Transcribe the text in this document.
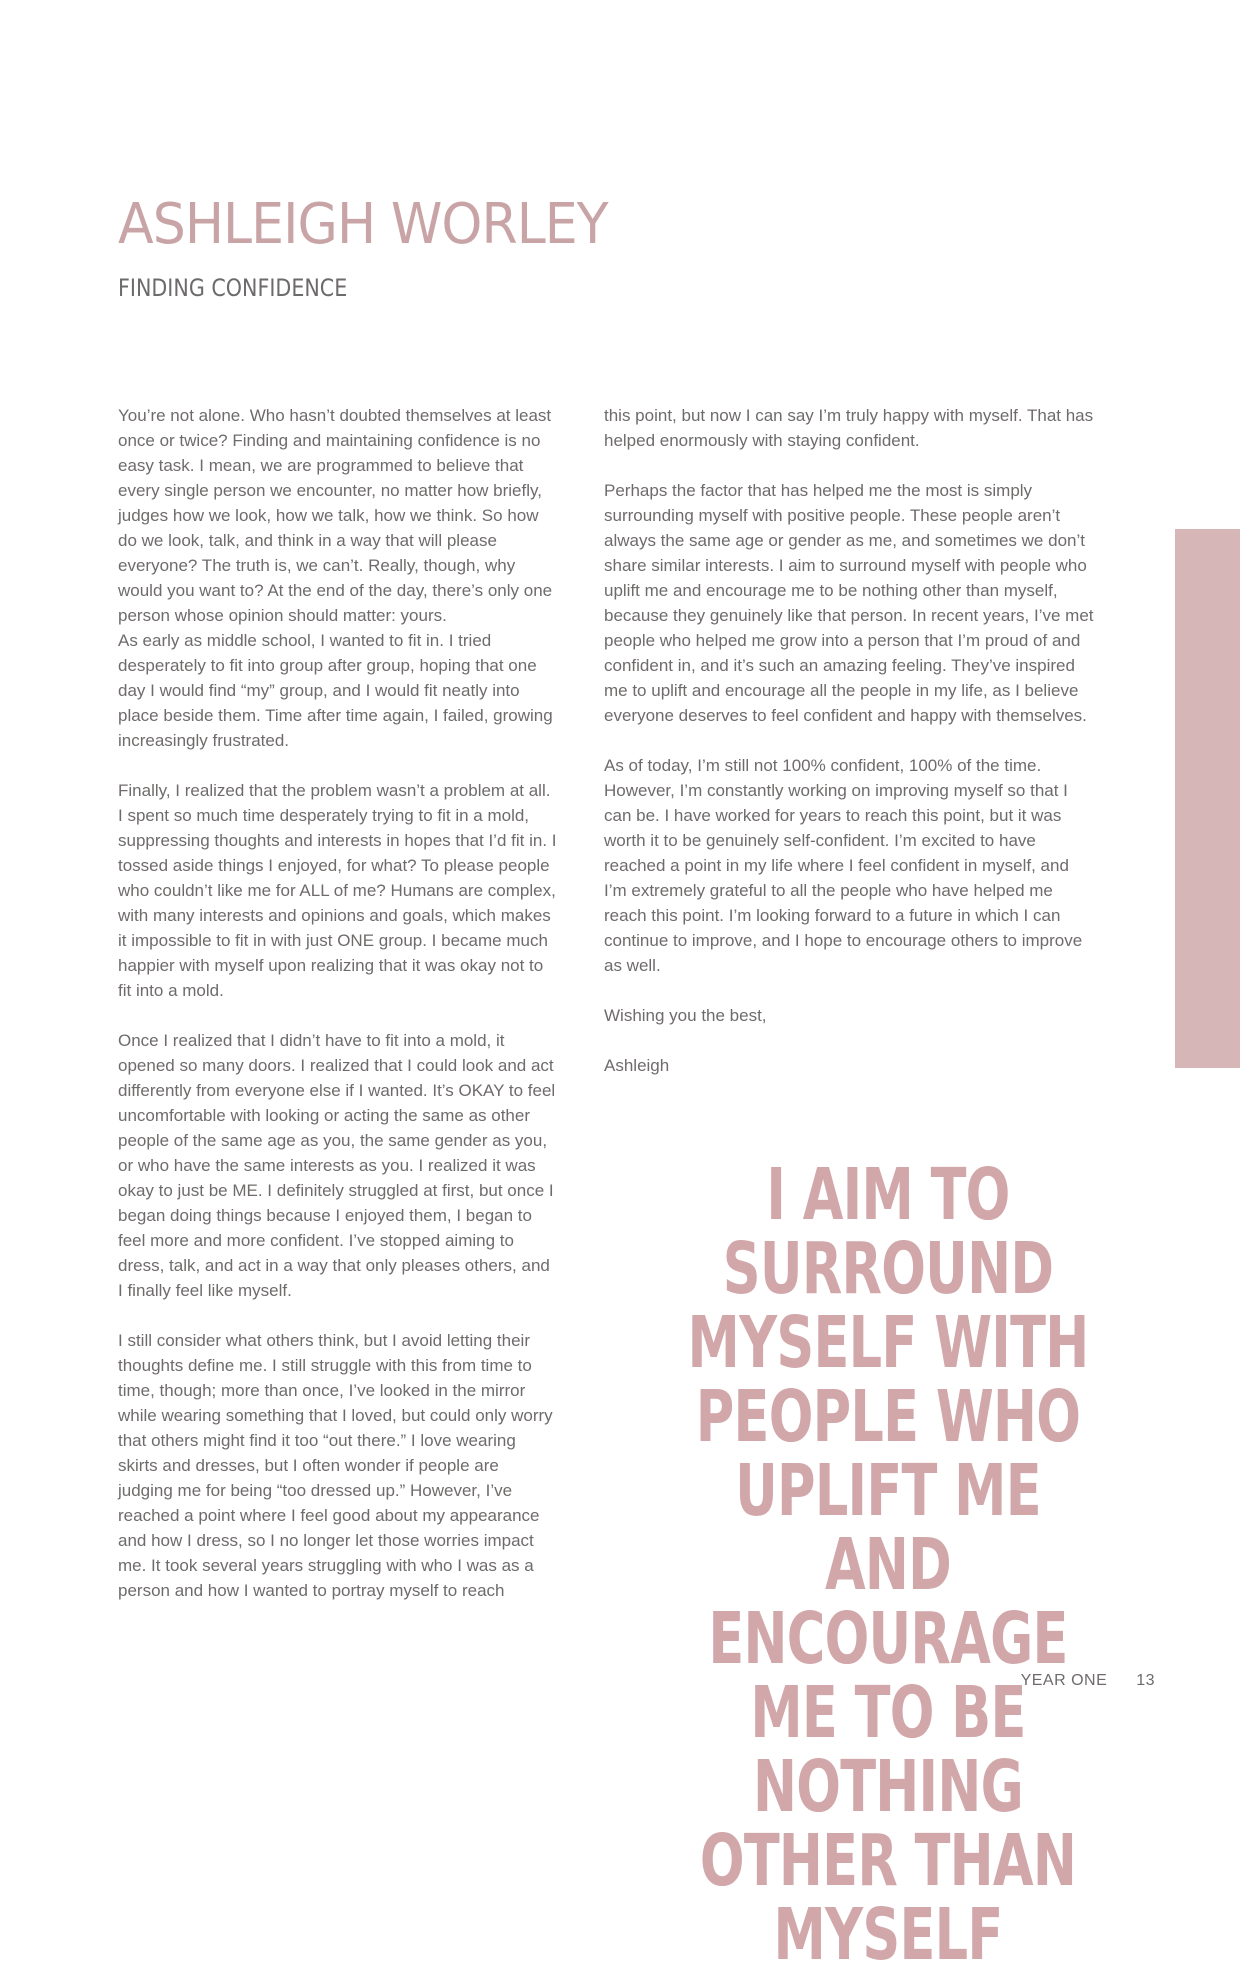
ASHLEIGH WORLEY
FINDING CONFIDENCE

You’re not alone. Who hasn’t doubted themselves at least once or twice? Finding and maintaining confidence is no easy task. I mean, we are programmed to believe that every single person we encounter, no matter how briefly, judges how we look, how we talk, how we think. So how do we look, talk, and think in a way that will please everyone? The truth is, we can’t. Really, though, why would you want to? At the end of the day, there’s only one person whose opinion should matter: yours.

As early as middle school, I wanted to fit in. I tried desperately to fit into group after group, hoping that one day I would find “my” group, and I would fit neatly into place beside them. Time after time again, I failed, growing increasingly frustrated.

Finally, I realized that the problem wasn’t a problem at all. I spent so much time desperately trying to fit in a mold, suppressing thoughts and interests in hopes that I’d fit in. I tossed aside things I enjoyed, for what? To please people who couldn’t like me for ALL of me? Humans are complex, with many interests and opinions and goals, which makes it impossible to fit in with just ONE group. I became much happier with myself upon realizing that it was okay not to fit into a mold.

Once I realized that I didn’t have to fit into a mold, it opened so many doors. I realized that I could look and act differently from everyone else if I wanted. It’s OKAY to feel uncomfortable with looking or acting the same as other people of the same age as you, the same gender as you, or who have the same interests as you. I realized it was okay to just be ME. I definitely struggled at first, but once I began doing things because I enjoyed them, I began to feel more and more confident. I’ve stopped aiming to dress, talk, and act in a way that only pleases others, and I finally feel like myself.

I still consider what others think, but I avoid letting their thoughts define me. I still struggle with this from time to time, though; more than once, I’ve looked in the mirror while wearing something that I loved, but could only worry that others might find it too “out there.” I love wearing skirts and dresses, but I often wonder if people are judging me for being “too dressed up.” However, I’ve reached a point where I feel good about my appearance and how I dress, so I no longer let those worries impact me. It took several years struggling with who I was as a person and how I wanted to portray myself to reach

this point, but now I can say I’m truly happy with myself. That has helped enormously with staying confident.

Perhaps the factor that has helped me the most is simply surrounding myself with positive people. These people aren’t always the same age or gender as me, and sometimes we don’t share similar interests. I aim to surround myself with people who uplift me and encourage me to be nothing other than myself, because they genuinely like that person. In recent years, I’ve met people who helped me grow into a person that I’m proud of and confident in, and it’s such an amazing feeling. They’ve inspired me to uplift and encourage all the people in my life, as I believe everyone deserves to feel confident and happy with themselves.

As of today, I’m still not 100% confident, 100% of the time. However, I’m constantly working on improving myself so that I can be. I have worked for years to reach this point, but it was worth it to be genuinely self-confident. I’m excited to have reached a point in my life where I feel confident in myself, and I’m extremely grateful to all the people who have helped me reach this point. I’m looking forward to a future in which I can continue to improve, and I hope to encourage others to improve as well.

Wishing you the best,

Ashleigh

I AIM TO SURROUND MYSELF WITH PEOPLE WHO UPLIFT ME AND ENCOURAGE ME TO BE NOTHING OTHER THAN MYSELF

YEAR ONE 13
